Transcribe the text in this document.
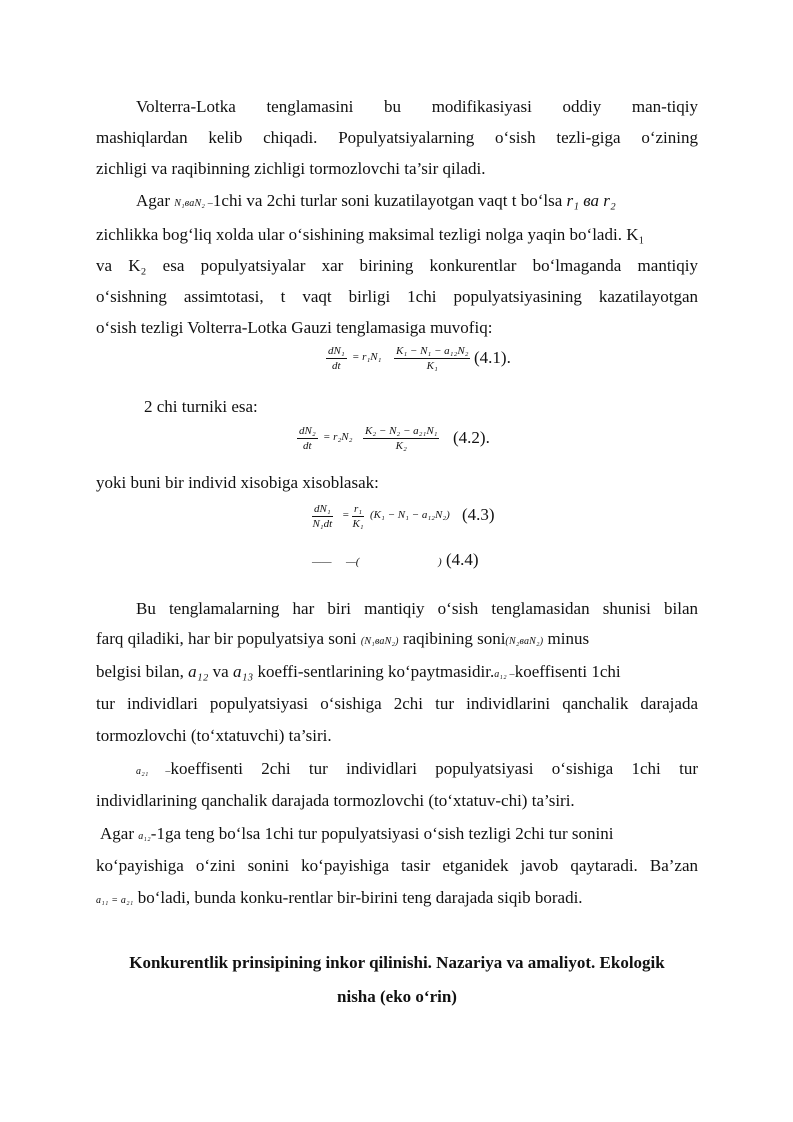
Volterra-Lotka tenglamasini bu modifikasiyasi oddiy man-tiqiy
mashiqlardan kelib chiqadi. Populyatsiyalarning o‘sish tezli-giga o‘zining
zichligi va raqibinning zichligi tormozlovchi ta’sir qiladi.
Agar N₁ваN₂ –1chi va 2chi turlar soni kuzatilayotgan vaqt t bo‘lsa r₁ ва r₂
zichlikka bog‘liq xolda ular o‘sishining maksimal tezligi nolga yaqin bo‘ladi. K₁
va K₂ esa populyatsiyalar xar birining konkurentlar bo‘lmaganda mantiqiy
o‘sishning assimtotasi, t vaqt birligi 1chi populyatsiyasining kazatilayotgan
o‘sish tezligi Volterra-Lotka Gauzi tenglamasiga muvofiq:
$\frac{\text{dN₁}}{dt} = r_1N_1 \frac{\text{K₁ − N₁ − a₁₂N₂}}{\text{K₁}} (4.1)$.
2 chi turniki esa:
$\frac{\text{dN₂}}{dt} = r_2N_2 \frac{\text{K₂ − N₂ − a₂₁N₁}}{\text{K₂}} (4.2)$.
yoki buni bir individ xisobiga xisoblasak:
$\frac{\text{dN₁}}{\text{N₁dt}} = \frac{\text{r₁}}{\text{K₁}} (K_1 - N_1 - a_{12}N_2)$ (4.3)
—— —(	) (4.4)
Bu tenglamalarning har biri mantiqiy o‘sish tenglamasidan shunisi bilan
farq qiladiki, har bir populyatsiya soni (N₁ваN₂) raqibining soni(N₂ваN₂) minus
belgisi bilan, a₁₂ va a₁₃ koeffi-sentlarining ko‘paytmasidir.a₁₂ –koeffisenti 1chi
tur individlari populyatsiyasi o‘sishiga 2chi tur individlarini qanchalik darajada
tormozlovchi (to‘xtatuvchi) ta’siri.
a₂₁ –koeffisenti 2chi tur individlari populyatsiyasi o‘sishiga 1chi tur
individlarining qanchalik darajada tormozlovchi (to‘xtatuv-chi) ta’siri.
Agar a₁₂-1ga teng bo‘lsa 1chi tur populyatsiyasi o‘sish tezligi 2chi tur sonini
ko‘payishiga o‘zini sonini ko‘payishiga tasir etganidek javob qaytaradi. Ba’zan
a₁₁ = a₂₁ bo‘ladi, bunda konku-rentlar bir-birini teng darajada siqib boradi.
Konkurentlik prinsipining inkor qilinishi. Nazariya va amaliyot. Ekologik
nisha (eko o‘rin)
